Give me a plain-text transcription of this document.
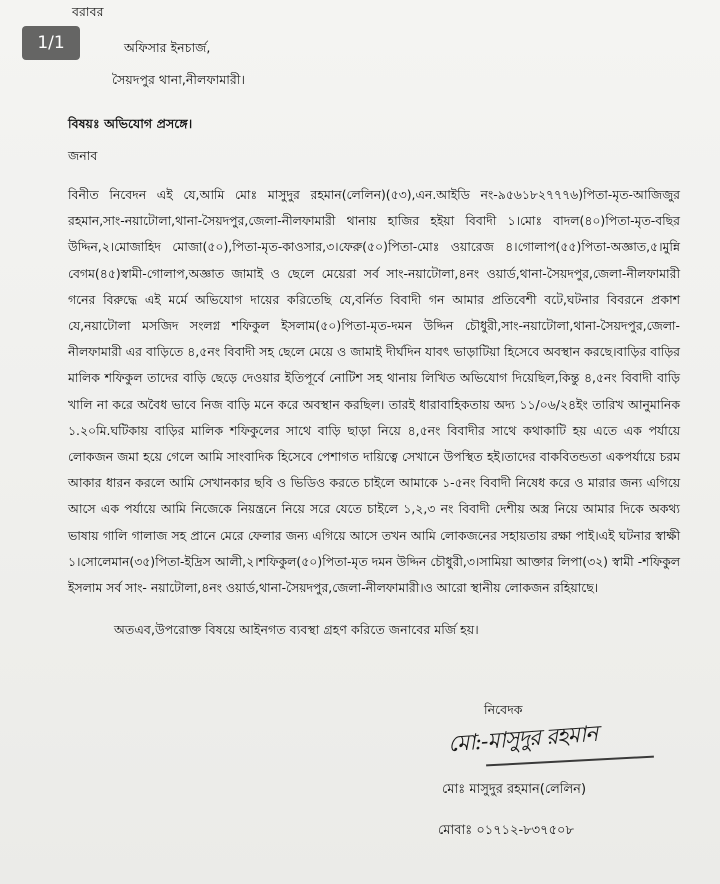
বরাবর
অফিসার ইনচার্জ,
সৈয়দপুর থানা,নীলফামারী।
বিষয়ঃ অভিযোগ প্রসঙ্গে।
জনাব
বিনীত নিবেদন এই যে,আমি মোঃ মাসুদুর রহমান(লেলিন)(৫৩),এন.আইডি নং-৯৫৬১৮২৭৭৭৬)পিতা-মৃত-আজিজুর রহমান,সাং-নয়াটোলা,থানা-সৈয়দপুর,জেলা-নীলফামারী থানায় হাজির হইয়া বিবাদী ১।মোঃ বাদল(৪০)পিতা-মৃত-বছির উদ্দিন,২।মোজাহিদ মোজা(৫০),পিতা-মৃত-কাওসার,৩।ফেরু(৫০)পিতা-মোঃ ওয়ারেজ ৪।গোলাপ(৫৫)পিতা-অজ্ঞাত,৫।মুন্নি বেগম(৪৫)স্বামী-গোলাপ,অজ্ঞাত জামাই ও ছেলে মেয়েরা সর্ব সাং-নয়াটোলা,৪নং ওয়ার্ড,থানা-সৈয়দপুর,জেলা-নীলফামারী গনের বিরুদ্ধে এই মর্মে অভিযোগ দায়ের করিতেছি যে,বর্নিত বিবাদী গন আমার প্রতিবেশী বটে,ঘটনার বিবরনে প্রকাশ যে,নয়াটোলা মসজিদ সংলগ্ন শফিকুল ইসলাম(৫০)পিতা-মৃত-দমন উদ্দিন চৌধুরী,সাং-নয়াটোলা,থানা-সৈয়দপুর,জেলা-নীলফামারী এর বাড়িতে ৪,৫নং বিবাদী সহ ছেলে মেয়ে ও জামাই দীর্ঘদিন যাবৎ ভাড়াটিয়া হিসেবে অবস্থান করছে।বাড়ির বাড়ির মালিক শফিকুল তাদের বাড়ি ছেড়ে দেওয়ার ইতিপূর্বে নোটিশ সহ থানায় লিখিত অভিযোগ দিয়েছিল,কিন্তু ৪,৫নং বিবাদী বাড়ি খালি না করে অবৈধ ভাবে নিজ বাড়ি মনে করে অবস্থান করছিল। তারই ধারাবাহিকতায় অদ্য ১১/০৬/২৪ইং তারিখ আনুমানিক ১.২০মি.ঘটিকায় বাড়ির মালিক শফিকুলের সাথে বাড়ি ছাড়া নিয়ে ৪,৫নং বিবাদীর সাথে কথাকাটি হয় এতে এক পর্যায়ে লোকজন জমা হয়ে গেলে আমি সাংবাদিক হিসেবে পেশাগত দায়িত্বে সেখানে উপস্থিত হই।তাদের বাকবিতন্ডতা একপর্যায়ে চরম আকার ধারন করলে আমি সেখানকার ছবি ও ভিডিও করতে চাইলে আমাকে ১-৫নং বিবাদী নিষেধ করে ও মারার জন্য এগিয়ে আসে এক পর্যায়ে আমি নিজেকে নিয়ন্ত্রনে নিয়ে সরে যেতে চাইলে ১,২,৩ নং বিবাদী দেশীয় অস্ত্র নিয়ে আমার দিকে অকথ্য ভাষায় গালি গালাজ সহ প্রানে মেরে ফেলার জন্য এগিয়ে আসে তখন আমি লোকজনের সহায়তায় রক্ষা পাই।এই ঘটনার স্বাক্ষী ১।সোলেমান(৩৫)পিতা-ইদ্রিস আলী,২।শফিকুল(৫০)পিতা-মৃত দমন উদ্দিন চৌধুরী,৩।সামিয়া আক্তার লিপা(৩২) স্বামী -শফিকুল ইসলাম সর্ব সাং- নয়াটোলা,৪নং ওয়ার্ড,থানা-সৈয়দপুর,জেলা-নীলফামারী।ও আরো স্থানীয় লোকজন রহিয়াছে।
অতএব,উপরোক্ত বিষয়ে আইনগত ব্যবস্থা গ্রহণ করিতে জনাবের মর্জি হয়।
নিবেদক
মো:-মাসুদুর রহমান
মোঃ মাসুদুর রহমান(লেলিন)
মোবাঃ ০১৭১২-৮৩৭৫০৮
1/1
